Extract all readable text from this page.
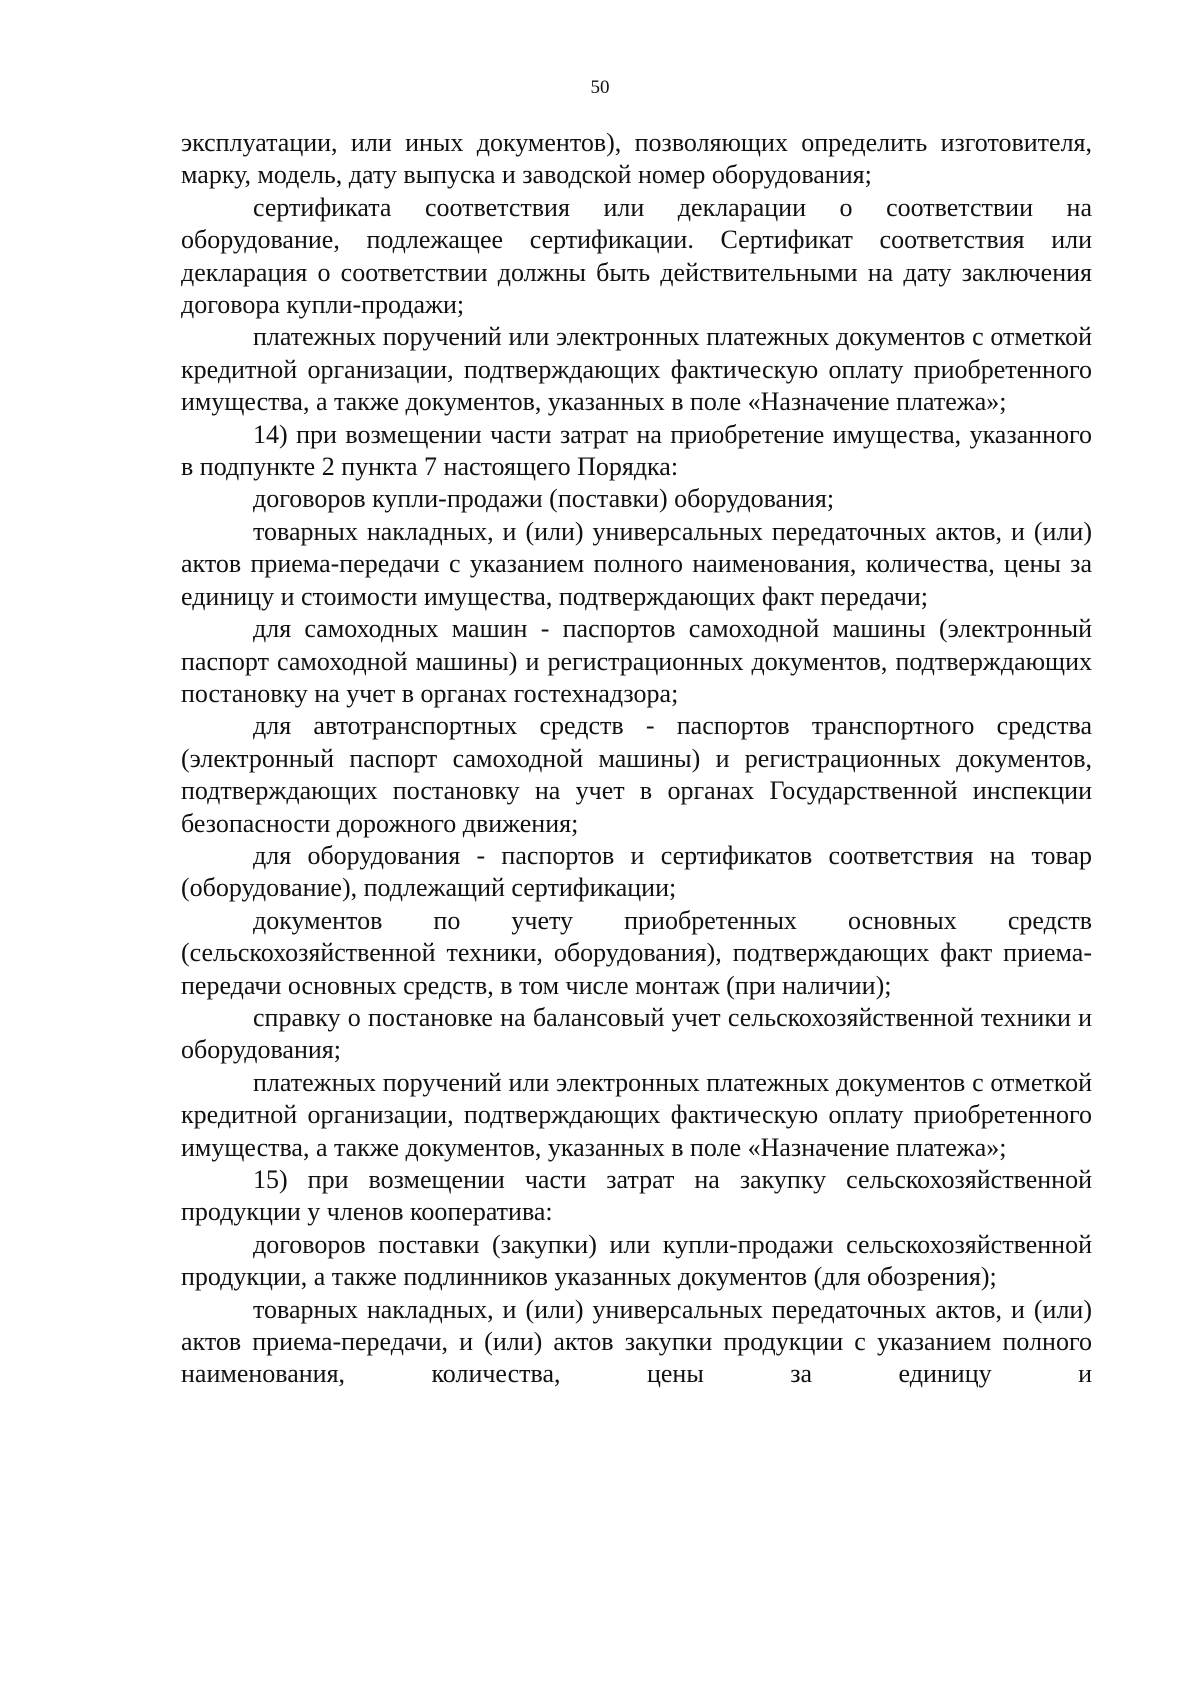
50

эксплуатации, или иных документов), позволяющих определить изготовителя, марку, модель, дату выпуска и заводской номер оборудования;

сертификата соответствия или декларации о соответствии на оборудование, подлежащее сертификации. Сертификат соответствия или декларация о соответствии должны быть действительными на дату заключения договора купли-продажи;

платежных поручений или электронных платежных документов с отметкой кредитной организации, подтверждающих фактическую оплату приобретенного имущества, а также документов, указанных в поле «Назначение платежа»;

14) при возмещении части затрат на приобретение имущества, указанного в подпункте 2 пункта 7 настоящего Порядка:

договоров купли-продажи (поставки) оборудования;

товарных накладных, и (или) универсальных передаточных актов, и (или) актов приема-передачи с указанием полного наименования, количества, цены за единицу и стоимости имущества, подтверждающих факт передачи;

для самоходных машин - паспортов самоходной машины (электронный паспорт самоходной машины) и регистрационных документов, подтверждающих постановку на учет в органах гостехнадзора;

для автотранспортных средств - паспортов транспортного средства (электронный паспорт самоходной машины) и регистрационных документов, подтверждающих постановку на учет в органах Государственной инспекции безопасности дорожного движения;

для оборудования - паспортов и сертификатов соответствия на товар (оборудование), подлежащий сертификации;

документов по учету приобретенных основных средств (сельскохозяйственной техники, оборудования), подтверждающих факт приема-передачи основных средств, в том числе монтаж (при наличии);

справку о постановке на балансовый учет сельскохозяйственной техники и оборудования;

платежных поручений или электронных платежных документов с отметкой кредитной организации, подтверждающих фактическую оплату приобретенного имущества, а также документов, указанных в поле «Назначение платежа»;

15) при возмещении части затрат на закупку сельскохозяйственной продукции у членов кооператива:

договоров поставки (закупки) или купли-продажи сельскохозяйственной продукции, а также подлинников указанных документов (для обозрения);

товарных накладных, и (или) универсальных передаточных актов, и (или) актов приема-передачи, и (или) актов закупки продукции с указанием полного наименования, количества, цены за единицу и
